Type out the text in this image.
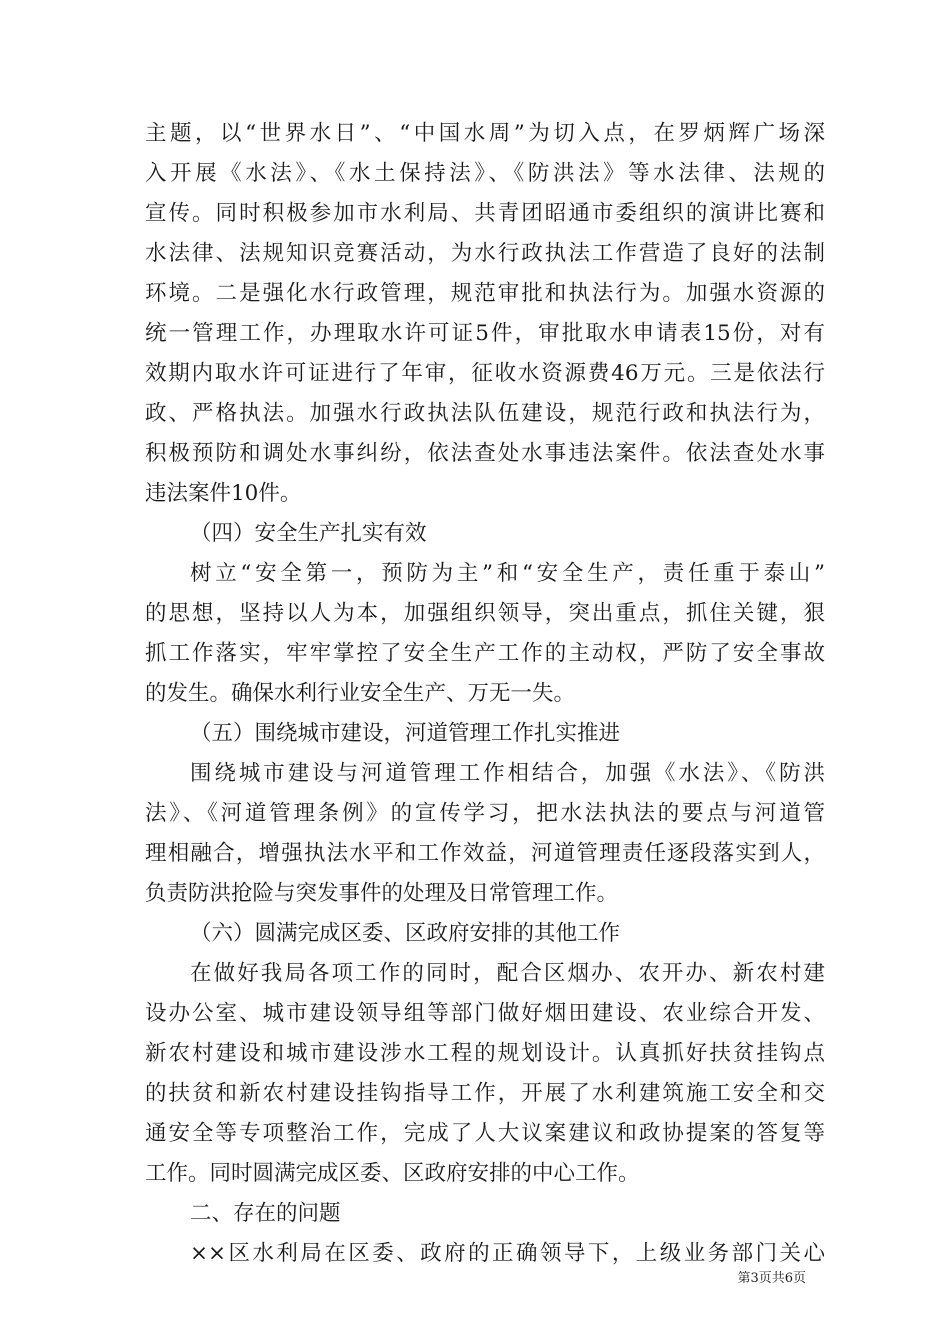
主题，以“世界水日”、“中国水周”为切入点，在罗炳辉广场深
入开展《水法》、《水土保持法》、《防洪法》等水法律、法规的
宣传。同时积极参加市水利局、共青团昭通市委组织的演讲比赛和
水法律、法规知识竞赛活动，为水行政执法工作营造了良好的法制
环境。二是强化水行政管理，规范审批和执法行为。加强水资源的
统一管理工作，办理取水许可证5件，审批取水申请表15份，对有
效期内取水许可证进行了年审，征收水资源费46万元。三是依法行
政、严格执法。加强水行政执法队伍建设，规范行政和执法行为，
积极预防和调处水事纠纷，依法查处水事违法案件。依法查处水事
违法案件10件。
（四）安全生产扎实有效
树立“安全第一，预防为主”和“安全生产，责任重于泰山”
的思想，坚持以人为本，加强组织领导，突出重点，抓住关键，狠
抓工作落实，牢牢掌控了安全生产工作的主动权，严防了安全事故
的发生。确保水利行业安全生产、万无一失。
（五）围绕城市建设，河道管理工作扎实推进
围绕城市建设与河道管理工作相结合，加强《水法》、《防洪
法》、《河道管理条例》的宣传学习，把水法执法的要点与河道管
理相融合，增强执法水平和工作效益，河道管理责任逐段落实到人，
负责防洪抢险与突发事件的处理及日常管理工作。
（六）圆满完成区委、区政府安排的其他工作
在做好我局各项工作的同时，配合区烟办、农开办、新农村建
设办公室、城市建设领导组等部门做好烟田建设、农业综合开发、
新农村建设和城市建设涉水工程的规划设计。认真抓好扶贫挂钩点
的扶贫和新农村建设挂钩指导工作，开展了水利建筑施工安全和交
通安全等专项整治工作，完成了人大议案建议和政协提案的答复等
工作。同时圆满完成区委、区政府安排的中心工作。
二、存在的问题
××区水利局在区委、政府的正确领导下，上级业务部门关心
第3页共6页
